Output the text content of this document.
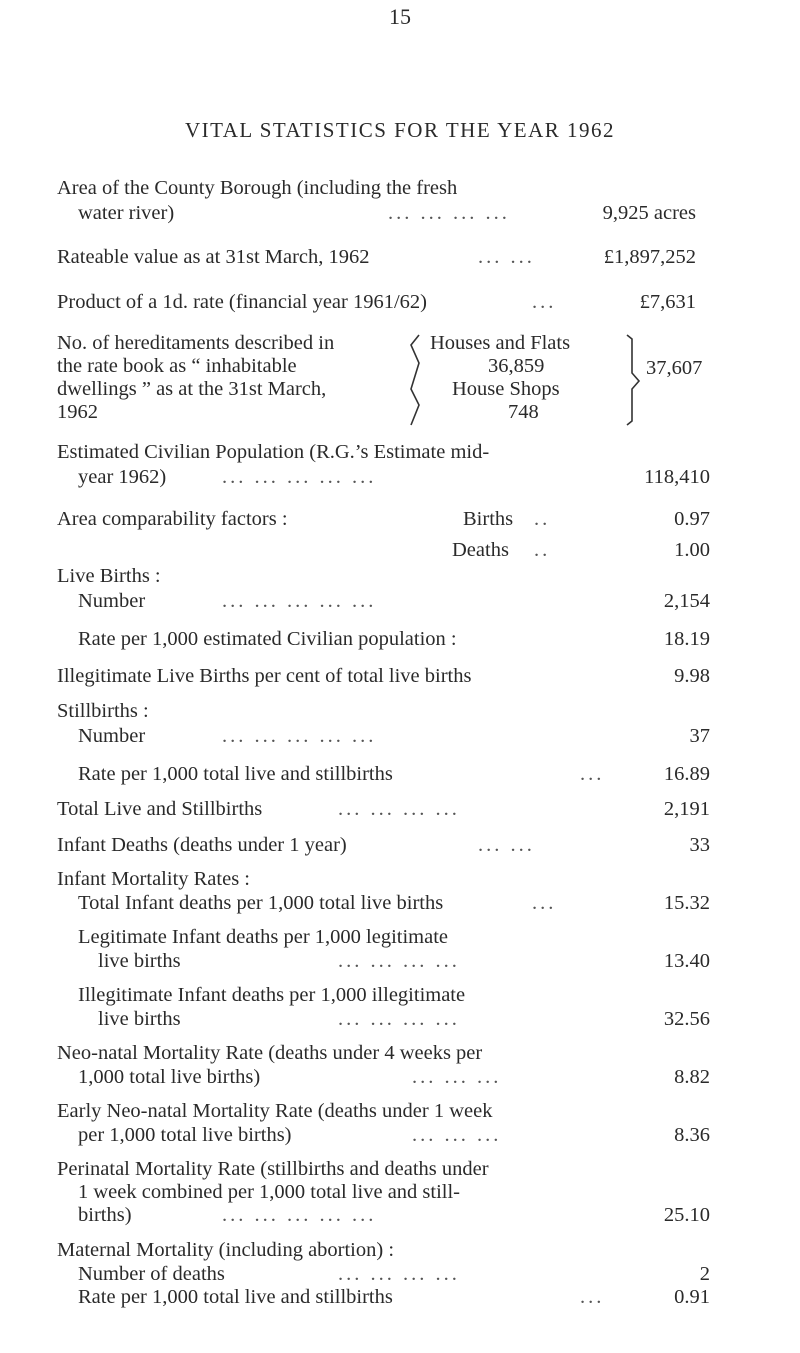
15
VITAL STATISTICS FOR THE YEAR 1962
Area of the County Borough (including the fresh
water river)	... ... ... ...	9,925 acres
Rateable value as at 31st March, 1962	... ...	£1,897,252
Product of a 1d. rate (financial year 1961/62)	...	£7,631
No. of hereditaments described in
the rate book as “ inhabitable
dwellings ” as at the 31st March,
1962
Houses and Flats
36,859
House Shops
748
37,607
Estimated Civilian Population (R.G.’s Estimate mid-
year 1962)	... ... ... ... ...	118,410
Area comparability factors :	Births ..	0.97
Deaths ..	1.00
Live Births :
Number	... ... ... ... ...	2,154
Rate per 1,000 estimated Civilian population :	18.19
Illegitimate Live Births per cent of total live births	9.98
Stillbirths :
Number	... ... ... ... ...	37
Rate per 1,000 total live and stillbirths	...	16.89
Total Live and Stillbirths	... ... ... ...	2,191
Infant Deaths (deaths under 1 year)	... ...	33
Infant Mortality Rates :
Total Infant deaths per 1,000 total live births	...	15.32
Legitimate Infant deaths per 1,000 legitimate
live births	... ... ... ...	13.40
Illegitimate Infant deaths per 1,000 illegitimate
live births	... ... ... ...	32.56
Neo-natal Mortality Rate (deaths under 4 weeks per
1,000 total live births)	... ... ...	8.82
Early Neo-natal Mortality Rate (deaths under 1 week
per 1,000 total live births)	... ... ...	8.36
Perinatal Mortality Rate (stillbirths and deaths under
1 week combined per 1,000 total live and still-
births)	... ... ... ... ...	25.10
Maternal Mortality (including abortion) :
Number of deaths	... ... ... ...	2
Rate per 1,000 total live and stillbirths	...	0.91
